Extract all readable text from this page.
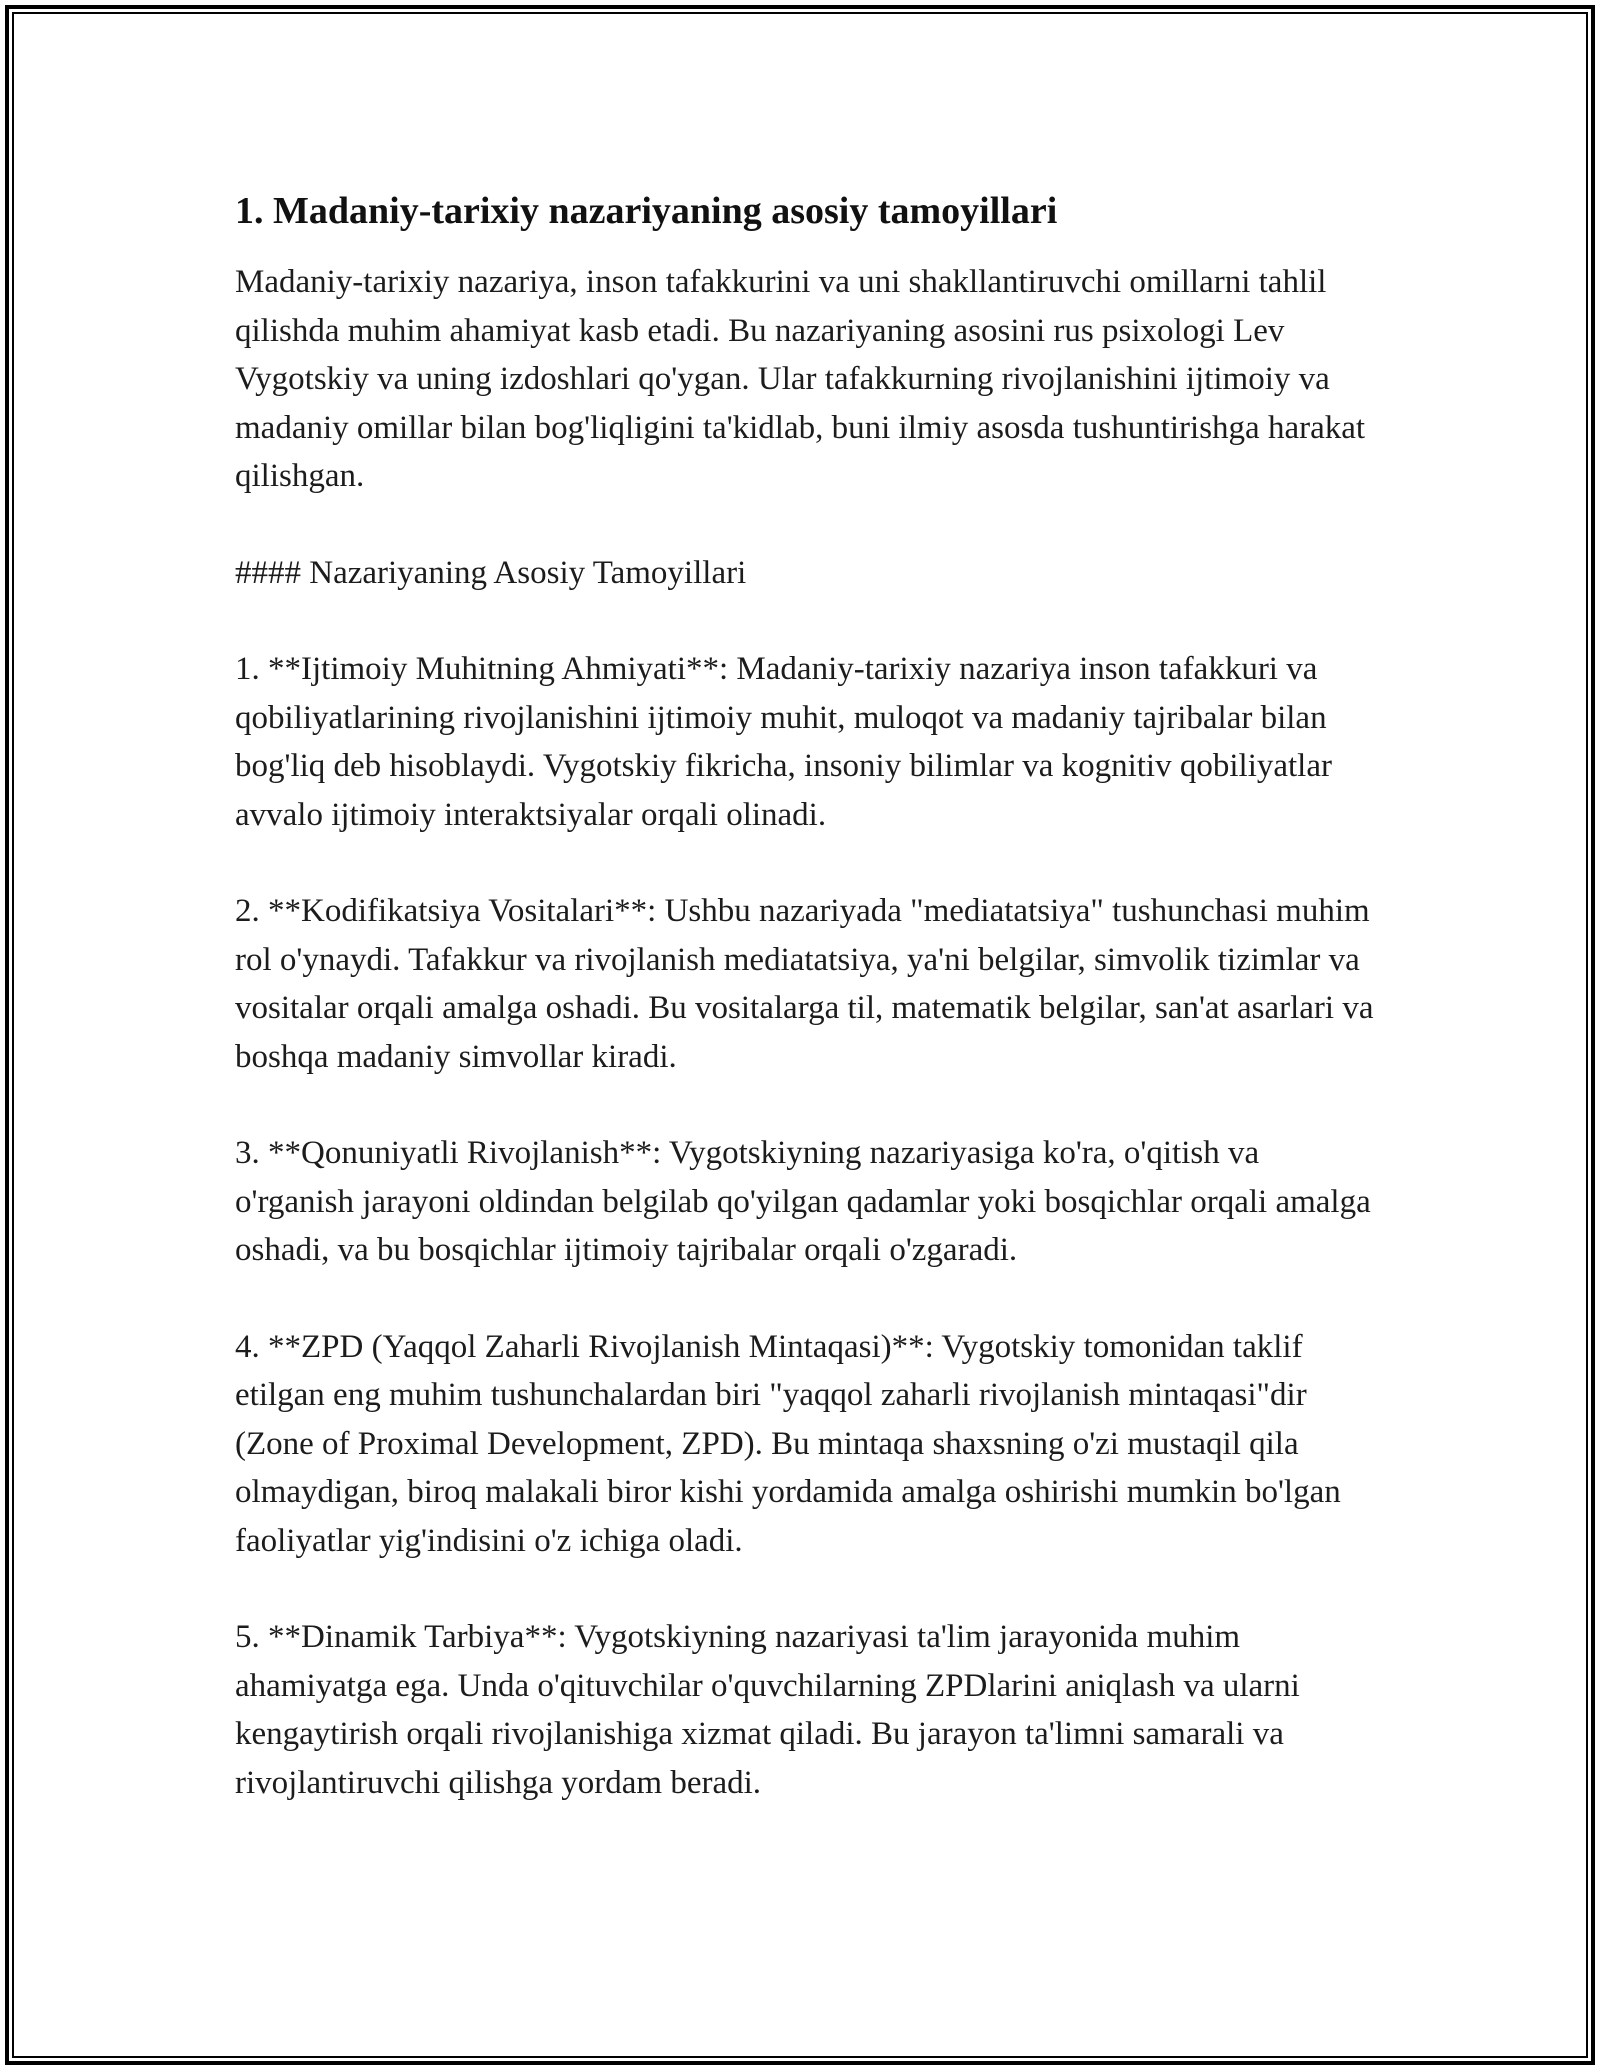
1. Madaniy-tarixiy nazariyaning asosiy tamoyillari

Madaniy-tarixiy nazariya, inson tafakkurini va uni shakllantiruvchi omillarni tahlil qilishda muhim ahamiyat kasb etadi. Bu nazariyaning asosini rus psixologi Lev Vygotskiy va uning izdoshlari qo'ygan. Ular tafakkurning rivojlanishini ijtimoiy va madaniy omillar bilan bog'liqligini ta'kidlab, buni ilmiy asosda tushuntirishga harakat qilishgan.

#### Nazariyaning Asosiy Tamoyillari

1. **Ijtimoiy Muhitning Ahmiyati**: Madaniy-tarixiy nazariya inson tafakkuri va qobiliyatlarining rivojlanishini ijtimoiy muhit, muloqot va madaniy tajribalar bilan bog'liq deb hisoblaydi. Vygotskiy fikricha, insoniy bilimlar va kognitiv qobiliyatlar avvalo ijtimoiy interaktsiyalar orqali olinadi.

2. **Kodifikatsiya Vositalari**: Ushbu nazariyada "mediatatsiya" tushunchasi muhim rol o'ynaydi. Tafakkur va rivojlanish mediatatsiya, ya'ni belgilar, simvolik tizimlar va vositalar orqali amalga oshadi. Bu vositalarga til, matematik belgilar, san'at asarlari va boshqa madaniy simvollar kiradi.

3. **Qonuniyatli Rivojlanish**: Vygotskiyning nazariyasiga ko'ra, o'qitish va o'rganish jarayoni oldindan belgilab qo'yilgan qadamlar yoki bosqichlar orqali amalga oshadi, va bu bosqichlar ijtimoiy tajribalar orqali o'zgaradi.

4. **ZPD (Yaqqol Zaharli Rivojlanish Mintaqasi)**: Vygotskiy tomonidan taklif etilgan eng muhim tushunchalardan biri "yaqqol zaharli rivojlanish mintaqasi"dir (Zone of Proximal Development, ZPD). Bu mintaqa shaxsning o'zi mustaqil qila olmaydigan, biroq malakali biror kishi yordamida amalga oshirishi mumkin bo'lgan faoliyatlar yig'indisini o'z ichiga oladi.

5. **Dinamik Tarbiya**: Vygotskiyning nazariyasi ta'lim jarayonida muhim ahamiyatga ega. Unda o'qituvchilar o'quvchilarning ZPDlarini aniqlash va ularni kengaytirish orqali rivojlanishiga xizmat qiladi. Bu jarayon ta'limni samarali va rivojlantiruvchi qilishga yordam beradi.
